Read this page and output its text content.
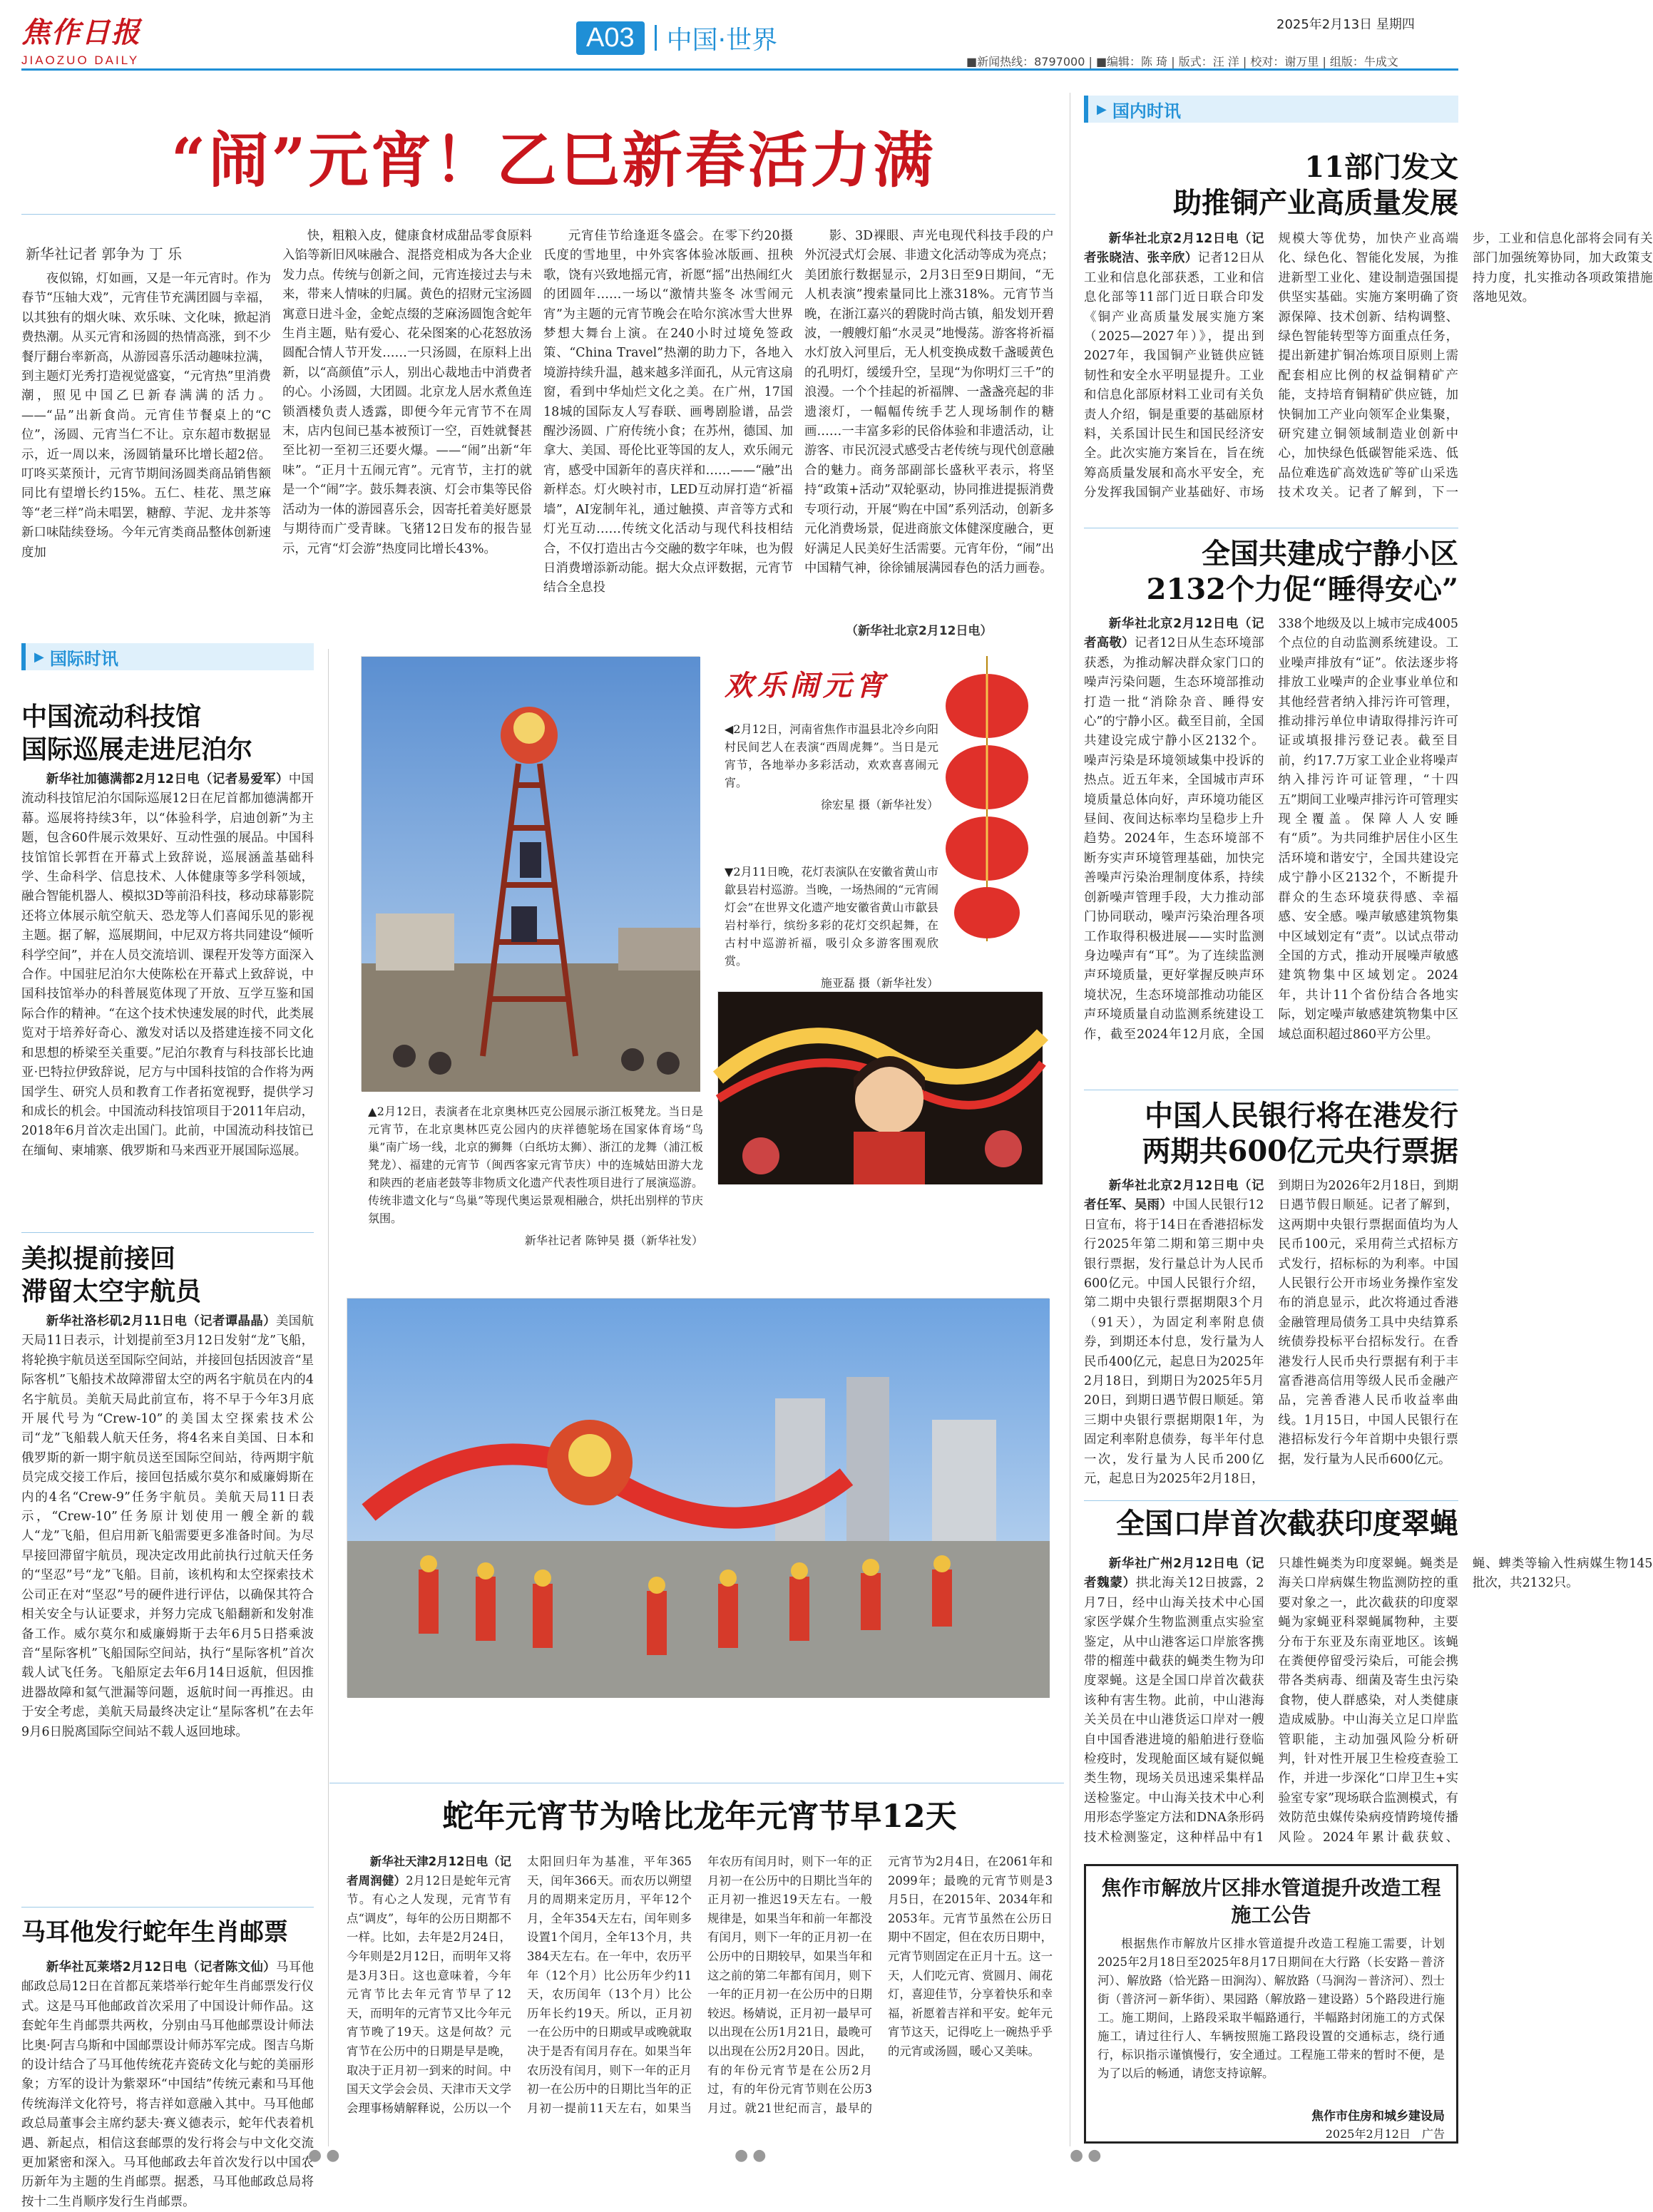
焦作日报
JIAOZUO DAILY
A03	中国·世界
2025年2月13日 星期四
■新闻热线：8797000 | ■编辑：陈 琦 | 版式：汪 洋 | 校对：谢万里 | 组版：牛成文
“闹”元宵！乙巳新春活力满
新华社记者 郭争为 丁 乐

夜似锦，灯如画，又是一年元宵时。作为春节“压轴大戏”，元宵佳节充满团圆与幸福，以其独有的烟火味、欢乐味、文化味，掀起消费热潮。从买元宵和汤圆的热情高涨，到不少餐厅翻台率新高，从游园喜乐活动趣味拉满，到主题灯光秀打造视觉盛宴，“元宵热”里消费潮，照见中国乙巳新春满满的活力。——“品”出新食尚。元宵佳节餐桌上的“C位”，汤圆、元宵当仁不让。京东超市数据显示，近一周以来，汤圆销量环比增长超2倍。叮咚买菜预计，元宵节期间汤圆类商品销售额同比有望增长约15%。五仁、桂花、黑芝麻等“老三样”尚未唱罢，糖醇、芋泥、龙井茶等新口味陆续登场。今年元宵类商品整体创新速度加

快，粗粮入皮，健康食材成甜品零食原料入馅等新旧风味融合、混搭竞相成为各大企业发力点。传统与创新之间，元宵连接过去与未来，带来人情味的归属。黄色的招财元宝汤圆寓意日进斗金，金蛇点缀的芝麻汤圆饱含蛇年生肖主题，贴有爱心、花朵图案的心花怒放汤圆配合情人节开发……一只汤圆，在原料上出新，以“高颜值”示人，别出心裁地击中消费者的心。小汤圆，大团圆。北京龙人居水煮鱼连锁酒楼负责人透露，即便今年元宵节不在周末，店内包间已基本被预订一空，百姓就餐甚至比初一至初三还要火爆。——“闹”出新“年味”。“正月十五闹元宵”。元宵节，主打的就是一个“闹”字。鼓乐舞表演、灯会市集等民俗活动为一体的游园喜乐会，因寄托着美好愿景与期待而广受青睐。飞猪12日发布的报告显示，元宵“灯会游”热度同比增长43%。

元宵佳节给逢逛冬盛会。在零下约20摄氏度的雪地里，中外宾客体验冰版画、扭秧歌，饶有兴致地摇元宵，祈愿“摇”出热闹红火的团圆年……一场以“激情共鉴冬 冰雪闹元宵”为主题的元宵节晚会在哈尔滨冰雪大世界梦想大舞台上演。在240小时过境免签政策、“China Travel”热潮的助力下，各地入境游持续升温，越来越多洋面孔，从元宵这扇窗，看到中华灿烂文化之美。在广州，17国18城的国际友人写春联、画粤剧脸谱，品尝醒沙汤圆、广府传统小食；在苏州，德国、加拿大、美国、哥伦比亚等国的友人，欢乐闹元宵，感受中国新年的喜庆祥和……——“融”出新样态。灯火映衬市，LED互动屏打造“祈福墙”，AI宠制年礼，通过触摸、声音等方式和灯光互动……传统文化活动与现代科技相结合，不仅打造出古今交融的数字年味，也为假日消费增添新动能。据大众点评数据，元宵节结合全息投

影、3D裸眼、声光电现代科技手段的户外沉浸式灯会展、非遗文化活动等成为亮点；美团旅行数据显示，2月3日至9日期间，“无人机表演”搜索量同比上涨318%。元宵节当晚，在浙江嘉兴的碧陇时尚古镇，船发划开碧波，一艘艘灯船“水灵灵”地慢荡。游客将祈福水灯放入河里后，无人机变换成数千盏暖黄色的孔明灯，缓缓升空，呈现“为你明灯三千”的浪漫。一个个挂起的祈福牌、一盏盏亮起的非遗滚灯，一幅幅传统手艺人现场制作的糖画……一丰富多彩的民俗体验和非遗活动，让游客、市民沉浸式感受古老传统与现代创意融合的魅力。商务部副部长盛秋平表示，将坚持“政策+活动”双轮驱动，协同推进提振消费专项行动，开展“购在中国”系列活动，创新多元化消费场景，促进商旅文体健深度融合，更好满足人民美好生活需要。元宵年份，“闹”出中国精气神，徐徐铺展满园春色的活力画卷。

（新华社北京2月12日电）
▶ 国内时讯
11部门发文
助推铜产业高质量发展

新华社北京2月12日电（记者张晓洁、张辛欣）记者12日从工业和信息化部获悉，工业和信息化部等11部门近日联合印发《铜产业高质量发展实施方案（2025—2027年）》，提出到2027年，我国铜产业链供应链韧性和安全水平明显提升。工业和信息化部原材料工业司有关负责人介绍，铜是重要的基础原材料，关系国计民生和国民经济安全。此次实施方案旨在，旨在统筹高质量发展和高水平安全，充分发挥我国铜产业基础好、市场规模大等优势，加快产业高端化、绿色化、智能化发展，为推进新型工业化、建设制造强国提供坚实基础。实施方案明确了资源保障、技术创新、结构调整、绿色智能转型等方面重点任务，提出新建扩铜冶炼项目原则上需配套相应比例的权益铜精矿产能，支持培育铜精矿供应链，加快铜加工产业向领军企业集聚，研究建立铜领域制造业创新中心，加快绿色低碳智能采选、低品位难选矿高效选矿等矿山采选技术攻关。记者了解到，下一步，工业和信息化部将会同有关部门加强统筹协同，加大政策支持力度，扎实推动各项政策措施落地见效。

全国共建成宁静小区
2132个力促“睡得安心”

新华社北京2月12日电（记者高敬）记者12日从生态环境部获悉，为推动解决群众家门口的噪声污染问题，生态环境部推动打造一批“消除杂音、睡得安心”的宁静小区。截至目前，全国共建设完成宁静小区2132个。噪声污染是环境领域集中投诉的热点。近五年来，全国城市声环境质量总体向好，声环境功能区昼间、夜间达标率均呈稳步上升趋势。2024年，生态环境部不断夯实声环境管理基础，加快完善噪声污染治理制度体系，持续创新噪声管理手段，大力推动部门协同联动，噪声污染治理各项工作取得积极进展——实时监测身边噪声有“耳”。为了连续监测声环境质量，更好掌握反映声环境状况，生态环境部推动功能区声环境质量自动监测系统建设工作，截至2024年12月底，全国338个地级及以上城市完成4005个点位的自动监测系统建设。工业噪声排放有“证”。依法逐步将排放工业噪声的企业事业单位和其他经营者纳入排污许可管理，推动排污单位申请取得排污许可证或填报排污登记表。截至目前，约17.7万家工业企业将噪声纳入排污许可证管理，“十四五”期间工业噪声排污许可管理实现全覆盖。保障人人安睡有“质”。为共同维护居住小区生活环境和谐安宁，全国共建设完成宁静小区2132个，不断提升群众的生态环境获得感、幸福感、安全感。噪声敏感建筑物集中区域划定有“责”。以试点带动全国的方式，推动开展噪声敏感建筑物集中区域划定。2024年，共计11个省份结合各地实际，划定噪声敏感建筑物集中区域总面积超过860平方公里。

中国人民银行将在港发行
两期共600亿元央行票据

新华社北京2月12日电（记者任军、吴雨）中国人民银行12日宣布，将于14日在香港招标发行2025年第二期和第三期中央银行票据，发行量总计为人民币600亿元。中国人民银行介绍，第二期中央银行票据期限3个月（91天），为固定利率附息债券，到期还本付息，发行量为人民币400亿元，起息日为2025年2月18日，到期日为2025年5月20日，到期日遇节假日顺延。第三期中央银行票据期限1年，为固定利率附息债券，每半年付息一次，发行量为人民币200亿元，起息日为2025年2月18日，到期日为2026年2月18日，到期日遇节假日顺延。记者了解到，这两期中央银行票据面值均为人民币100元，采用荷兰式招标方式发行，招标标的为利率。中国人民银行公开市场业务操作室发布的消息显示，此次将通过香港金融管理局债务工具中央结算系统债券投标平台招标发行。在香港发行人民币央行票据有利于丰富香港高信用等级人民币金融产品，完善香港人民币收益率曲线。1月15日，中国人民银行在港招标发行今年首期中央银行票据，发行量为人民币600亿元。

全国口岸首次截获印度翠蝇

新华社广州2月12日电（记者魏蒙）拱北海关12日披露，2月7日，经中山海关技术中心国家医学媒介生物监测重点实验室鉴定，从中山港客运口岸旅客携带的榴莲中截获的蝇类生物为印度翠蝇。这是全国口岸首次截获该种有害生物。此前，中山港海关关员在中山港货运口岸对一艘自中国香港进境的船舶进行登临检疫时，发现舱面区域有疑似蝇类生物，现场关员迅速采集样品送检鉴定。中山海关技术中心利用形态学鉴定方法和DNA条形码技术检测鉴定，这种样品中有1只雄性蝇类为印度翠蝇。蝇类是海关口岸病媒生物监测防控的重要对象之一，此次截获的印度翠蝇为家蝇亚科翠蝇属物种，主要分布于东亚及东南亚地区。该蝇在粪便停留受污染后，可能会携带各类病毒、细菌及寄生虫污染食物，使人群感染，对人类健康造成威胁。中山海关立足口岸监管职能，主动加强风险分析研判，针对性开展卫生检疫查验工作，并进一步深化“口岸卫生+实验室专家”现场联合监测模式，有效防范虫媒传染病疫情跨境传播风险。2024年累计截获蚊、蝇、蜱类等输入性病媒生物145批次，共2132只。

焦作市解放片区排水管道提升改造工程
施工公告

根据焦作市解放片区排水管道提升改造工程施工需要，计划2025年2月18日至2025年8月17日期间在大行路（长安路－普济河）、解放路（恰光路－田涧沟）、解放路（马涧沟－普济河）、烈士街（普济河－新华街）、果园路（解放路－建设路）5个路段进行施工。施工期间，上路段采取半幅路通行，半幅路封闭施工的方式保施工，请过往行人、车辆按照施工路段设置的交通标志，绕行通行，标识指示谨慎慢行，安全通过。工程施工带来的暂时不便，是为了以后的畅通，请您支持谅解。

焦作市住房和城乡建设局
2025年2月12日 广告
▶ 国际时讯
中国流动科技馆
国际巡展走进尼泊尔

新华社加德满都2月12日电（记者易爱军）中国流动科技馆尼泊尔国际巡展12日在尼首都加德满都开幕。巡展将持续3年，以“体验科学，启迪创新”为主题，包含60件展示效果好、互动性强的展品。中国科技馆馆长郭哲在开幕式上致辞说，巡展涵盖基础科学、生命科学、信息技术、人体健康等多学科领域，融合智能机器人、模拟3D等前沿科技，移动球幕影院还将立体展示航空航天、恐龙等人们喜闻乐见的影视主题。据了解，巡展期间，中尼双方将共同建设“倾听科学空间”，并在人员交流培训、课程开发等方面深入合作。中国驻尼泊尔大使陈松在开幕式上致辞说，中国科技馆举办的科普展览体现了开放、互学互鉴和国际合作的精神。“在这个技术快速发展的时代，此类展览对于培养好奇心、激发对话以及搭建连接不同文化和思想的桥梁至关重要。”尼泊尔教育与科技部长比迪亚·巴特拉伊致辞说，尼方与中国科技馆的合作将为两国学生、研究人员和教育工作者拓宽视野，提供学习和成长的机会。中国流动科技馆项目于2011年启动，2018年6月首次走出国门。此前，中国流动科技馆已在缅甸、柬埔寨、俄罗斯和马来西亚开展国际巡展。

美拟提前接回
滞留太空宇航员

新华社洛杉矶2月11日电（记者谭晶晶）美国航天局11日表示，计划提前至3月12日发射“龙”飞船，将轮换宇航员送至国际空间站，并接回包括因波音“星际客机”飞船技术故障滞留太空的两名宇航员在内的4名宇航员。美航天局此前宣布，将不早于今年3月底开展代号为“Crew-10”的美国太空探索技术公司“龙”飞船载人航天任务，将4名来自美国、日本和俄罗斯的新一期宇航员送至国际空间站，待两期宇航员完成交接工作后，接回包括威尔莫尔和威廉姆斯在内的4名“Crew-9”任务宇航员。美航天局11日表示，“Crew-10”任务原计划使用一艘全新的载人“龙”飞船，但启用新飞船需要更多准备时间。为尽早接回滞留宇航员，现决定改用此前执行过航天任务的“坚忍”号“龙”飞船。目前，该机构和太空探索技术公司正在对“坚忍”号的硬件进行评估，以确保其符合相关安全与认证要求，并努力完成飞船翻新和发射准备工作。威尔莫尔和威廉姆斯于去年6月5日搭乘波音“星际客机”飞船国际空间站，执行“星际客机”首次载人试飞任务。飞船原定去年6月14日返航，但因推进器故障和氦气泄漏等问题，返航时间一再推迟。由于安全考虑，美航天局最终决定让“星际客机”在去年9月6日脱离国际空间站不载人返回地球。

马耳他发行蛇年生肖邮票

新华社瓦莱塔2月12日电（记者陈文仙）马耳他邮政总局12日在首都瓦莱塔举行蛇年生肖邮票发行仪式。这是马耳他邮政首次采用了中国设计师作品。这套蛇年生肖邮票共两枚，分别由马耳他邮票设计师法比奥·阿吉乌斯和中国邮票设计师苏军完成。图吉乌斯的设计结合了马耳他传统花卉瓷砖文化与蛇的美丽形象；方军的设计为紫翠环“中国结”传统元素和马耳他传统海洋文化符号，将吉祥如意融入其中。马耳他邮政总局董事会主席约瑟夫·赛义德表示，蛇年代表着机遇、新起点，相信这套邮票的发行将会与中文化交流更加紧密和深入。马耳他邮政去年首次发行以中国农历新年为主题的生肖邮票。据悉，马耳他邮政总局将按十二生肖顺序发行生肖邮票。

欢乐闹元宵
◀2月12日，河南省焦作市温县北冷乡向阳村民间艺人在表演“西周虎舞”。当日是元宵节，各地举办多彩活动，欢欢喜喜闹元宵。
徐宏星 摄（新华社发）
▼2月11日晚，花灯表演队在安徽省黄山市歙县岩村巡游。当晚，一场热闹的“元宵闹灯会”在世界文化遗产地安徽省黄山市歙县岩村举行，缤纷多彩的花灯交织起舞，在古村中巡游祈福，吸引众多游客围观欣赏。
施亚磊 摄（新华社发）
▲2月12日，表演者在北京奥林匹克公园展示浙江板凳龙。当日是元宵节，在北京奥林匹克公园内的庆祥德鸵场在国家体育场“鸟巢”南广场一线，北京的狮舞（白纸坊太狮）、浙江的龙舞（浦江板凳龙）、福建的元宵节（闽西客家元宵节庆）中的连城姑田游大龙和陕西的老庙老鼓等非物质文化遗产代表性项目进行了展演巡游。传统非遗文化与“鸟巢”等现代奥运景观相融合，烘托出别样的节庆氛围。
新华社记者 陈钟昊 摄（新华社发）
蛇年元宵节为啥比龙年元宵节早12天

新华社天津2月12日电（记者周润健）2月12日是蛇年元宵节。有心之人发现，元宵节有点“调皮”，每年的公历日期都不一样。比如，去年是2月24日，今年则是2月12日，而明年又将是3月3日。这也意味着，今年元宵节比去年元宵节早了12天，而明年的元宵节又比今年元宵节晚了19天。这是何故？元宵节在公历中的日期是早是晚，取决于正月初一到来的时间。中国天文学会会员、天津市天文学会理事杨婧解释说，公历以一个太阳回归年为基准，平年365天，闰年366天。而农历以朔望月的周期来定历月，平年12个月，全年354天左右，闰年则多设置1个闰月，全年13个月，共384天左右。在一年中，农历平年（12个月）比公历年少约11天，农历闰年（13个月）比公历年长约19天。所以，正月初一在公历中的日期或早或晚就取决于是否有闰月存在。如果当年农历没有闰月，则下一年的正月初一在公历中的日期比当年的正月初一提前11天左右，如果当年农历有闰月时，则下一年的正月初一在公历中的日期比当年的正月初一推迟19天左右。一般规律是，如果当年和前一年都没有闰月，则下一年的正月初一在公历中的日期较早，如果当年和这之前的第二年都有闰月，则下一年的正月初一在公历中的日期较迟。杨婧说，正月初一最早可以出现在公历1月21日，最晚可以出现在公历2月20日。因此，有的年份元宵节是在公历2月过，有的年份元宵节则在公历3月过。就21世纪而言，最早的元宵节为2月4日，在2061年和2099年；最晚的元宵节则是3月5日，在2015年、2034年和2053年。元宵节虽然在公历日期中不固定，但在农历日期中，元宵节则固定在正月十五。这一天，人们吃元宵、赏圆月、闹花灯，喜迎佳节，分享着快乐和幸福，祈愿着吉祥和平安。蛇年元宵节这天，记得吃上一碗热乎乎的元宵或汤圆，暖心又美味。

●●	●●	●●
